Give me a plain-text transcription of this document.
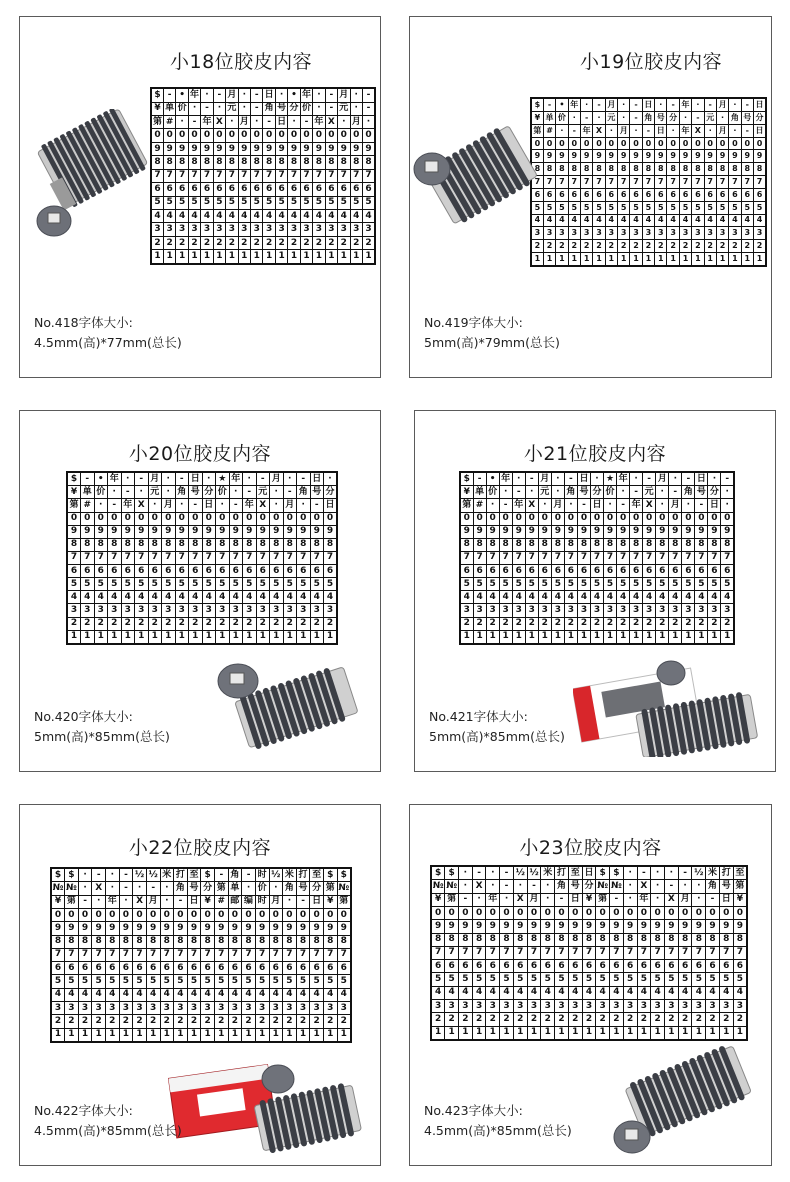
小18位胶皮内容
$	-	•	年	·	-	月	·	-	日	·	•	年	·	-	月	·	-
¥	单	价	·	-	·	元	·	-	角	号	分	价	·	-	元	·	-
第	#	·	-	年	X	·	月	·	-	日	·	-	年	X	·	月	·
0	0	0	0	0	0	0	0	0	0	0	0	0	0	0	0	0	0
9	9	9	9	9	9	9	9	9	9	9	9	9	9	9	9	9	9
8	8	8	8	8	8	8	8	8	8	8	8	8	8	8	8	8	8
7	7	7	7	7	7	7	7	7	7	7	7	7	7	7	7	7	7
6	6	6	6	6	6	6	6	6	6	6	6	6	6	6	6	6	6
5	5	5	5	5	5	5	5	5	5	5	5	5	5	5	5	5	5
4	4	4	4	4	4	4	4	4	4	4	4	4	4	4	4	4	4
3	3	3	3	3	3	3	3	3	3	3	3	3	3	3	3	3	3
2	2	2	2	2	2	2	2	2	2	2	2	2	2	2	2	2	2
1	1	1	1	1	1	1	1	1	1	1	1	1	1	1	1	1	1
No.418字体大小:
4.5mm(高)*77mm(总长)
小19位胶皮内容
$	-	•	年	·	-	月	·	-	日	·	-	年	·	-	月	·	-	日
¥	单	价	·	-	·	元	·	-	角	号	分	·	-	元	·	角	号	分
第	#	·	-	年	X	·	月	·	-	日	·	年	X	·	月	·	-	日
0	0	0	0	0	0	0	0	0	0	0	0	0	0	0	0	0	0	0
9	9	9	9	9	9	9	9	9	9	9	9	9	9	9	9	9	9	9
8	8	8	8	8	8	8	8	8	8	8	8	8	8	8	8	8	8	8
7	7	7	7	7	7	7	7	7	7	7	7	7	7	7	7	7	7	7
6	6	6	6	6	6	6	6	6	6	6	6	6	6	6	6	6	6	6
5	5	5	5	5	5	5	5	5	5	5	5	5	5	5	5	5	5	5
4	4	4	4	4	4	4	4	4	4	4	4	4	4	4	4	4	4	4
3	3	3	3	3	3	3	3	3	3	3	3	3	3	3	3	3	3	3
2	2	2	2	2	2	2	2	2	2	2	2	2	2	2	2	2	2	2
1	1	1	1	1	1	1	1	1	1	1	1	1	1	1	1	1	1	1
No.419字体大小:
5mm(高)*79mm(总长)
小20位胶皮内容
$	-	•	年	·	-	月	·	-	日	·	★	年	·	-	月	·	-	日	·
¥	单	价	·	-	·	元	·	角	号	分	价	·	-	元	·	-	角	号	分
第	#	·	-	年	X	·	月	·	-	日	·	-	年	X	·	月	·	-	日
0	0	0	0	0	0	0	0	0	0	0	0	0	0	0	0	0	0	0	0
9	9	9	9	9	9	9	9	9	9	9	9	9	9	9	9	9	9	9	9
8	8	8	8	8	8	8	8	8	8	8	8	8	8	8	8	8	8	8	8
7	7	7	7	7	7	7	7	7	7	7	7	7	7	7	7	7	7	7	7
6	6	6	6	6	6	6	6	6	6	6	6	6	6	6	6	6	6	6	6
5	5	5	5	5	5	5	5	5	5	5	5	5	5	5	5	5	5	5	5
4	4	4	4	4	4	4	4	4	4	4	4	4	4	4	4	4	4	4	4
3	3	3	3	3	3	3	3	3	3	3	3	3	3	3	3	3	3	3	3
2	2	2	2	2	2	2	2	2	2	2	2	2	2	2	2	2	2	2	2
1	1	1	1	1	1	1	1	1	1	1	1	1	1	1	1	1	1	1	1
No.420字体大小:
5mm(高)*85mm(总长)
小21位胶皮内容
$	-	•	年	·	-	月	·	-	日	·	★	年	·	-	月	·	-	日	·	-
¥	单	价	·	-	·	元	·	角	号	分	价	·	-	元	·	-	角	号	分	·
第	#	·	-	年	X	·	月	·	-	日	·	-	年	X	·	月	·	-	日	·
0	0	0	0	0	0	0	0	0	0	0	0	0	0	0	0	0	0	0	0	0
9	9	9	9	9	9	9	9	9	9	9	9	9	9	9	9	9	9	9	9	9
8	8	8	8	8	8	8	8	8	8	8	8	8	8	8	8	8	8	8	8	8
7	7	7	7	7	7	7	7	7	7	7	7	7	7	7	7	7	7	7	7	7
6	6	6	6	6	6	6	6	6	6	6	6	6	6	6	6	6	6	6	6	6
5	5	5	5	5	5	5	5	5	5	5	5	5	5	5	5	5	5	5	5	5
4	4	4	4	4	4	4	4	4	4	4	4	4	4	4	4	4	4	4	4	4
3	3	3	3	3	3	3	3	3	3	3	3	3	3	3	3	3	3	3	3	3
2	2	2	2	2	2	2	2	2	2	2	2	2	2	2	2	2	2	2	2	2
1	1	1	1	1	1	1	1	1	1	1	1	1	1	1	1	1	1	1	1	1
No.421字体大小:
5mm(高)*85mm(总长)
小22位胶皮内容
$	$	·	-	·	-	½	½	米	打	至	$	-	角	-	时	½	米	打	至	$	$
№	№	·	X	·	-	·	-	·	角	号	分	第	单	·	价	·	角	号	分	第	№
¥	第	-	·	年	·	X	月	·	-	日	¥	#	邮	编	时	月	·	-	日	¥	第
0	0	0	0	0	0	0	0	0	0	0	0	0	0	0	0	0	0	0	0	0	0
9	9	9	9	9	9	9	9	9	9	9	9	9	9	9	9	9	9	9	9	9	9
8	8	8	8	8	8	8	8	8	8	8	8	8	8	8	8	8	8	8	8	8	8
7	7	7	7	7	7	7	7	7	7	7	7	7	7	7	7	7	7	7	7	7	7
6	6	6	6	6	6	6	6	6	6	6	6	6	6	6	6	6	6	6	6	6	6
5	5	5	5	5	5	5	5	5	5	5	5	5	5	5	5	5	5	5	5	5	5
4	4	4	4	4	4	4	4	4	4	4	4	4	4	4	4	4	4	4	4	4	4
3	3	3	3	3	3	3	3	3	3	3	3	3	3	3	3	3	3	3	3	3	3
2	2	2	2	2	2	2	2	2	2	2	2	2	2	2	2	2	2	2	2	2	2
1	1	1	1	1	1	1	1	1	1	1	1	1	1	1	1	1	1	1	1	1	1
No.422字体大小:
4.5mm(高)*85mm(总长)
小23位胶皮内容
$	$	·	-	·	-	½	½	米	打	至	日	$	$	·	-	·	·	-	½	米	打	至
№	№	·	X	·	-	·	-	·	角	号	分	№	№	·	X	·	-	·	·	角	号	第
¥	第	-	·	年	·	X	月	·	-	日	¥	第	-	·	年	·	X	月	·	-	日	¥
0	0	0	0	0	0	0	0	0	0	0	0	0	0	0	0	0	0	0	0	0	0	0
9	9	9	9	9	9	9	9	9	9	9	9	9	9	9	9	9	9	9	9	9	9	9
8	8	8	8	8	8	8	8	8	8	8	8	8	8	8	8	8	8	8	8	8	8	8
7	7	7	7	7	7	7	7	7	7	7	7	7	7	7	7	7	7	7	7	7	7	7
6	6	6	6	6	6	6	6	6	6	6	6	6	6	6	6	6	6	6	6	6	6	6
5	5	5	5	5	5	5	5	5	5	5	5	5	5	5	5	5	5	5	5	5	5	5
4	4	4	4	4	4	4	4	4	4	4	4	4	4	4	4	4	4	4	4	4	4	4
3	3	3	3	3	3	3	3	3	3	3	3	3	3	3	3	3	3	3	3	3	3	3
2	2	2	2	2	2	2	2	2	2	2	2	2	2	2	2	2	2	2	2	2	2	2
1	1	1	1	1	1	1	1	1	1	1	1	1	1	1	1	1	1	1	1	1	1	1
No.423字体大小:
4.5mm(高)*85mm(总长)
